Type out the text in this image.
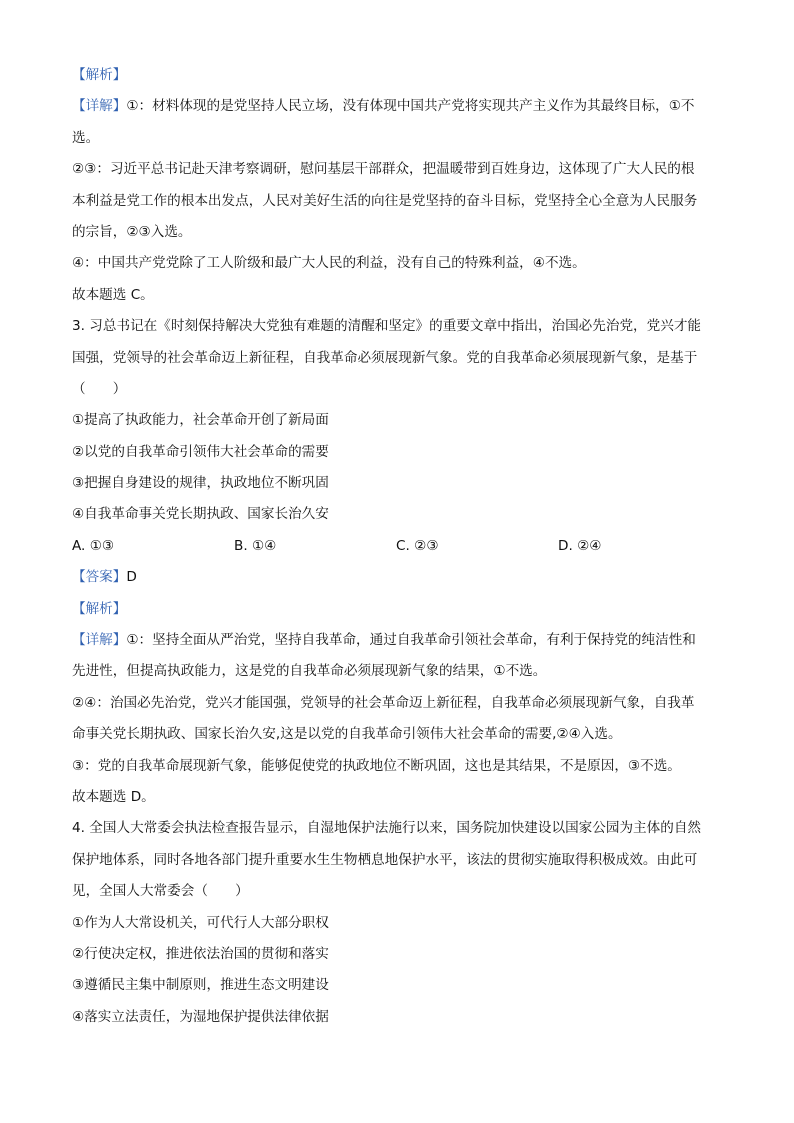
【解析】
【详解】①：材料体现的是党坚持人民立场，没有体现中国共产党将实现共产主义作为其最终目标，①不
选。
②③：习近平总书记赴天津考察调研，慰问基层干部群众，把温暖带到百姓身边，这体现了广大人民的根
本利益是党工作的根本出发点，人民对美好生活的向往是党坚持的奋斗目标，党坚持全心全意为人民服务
的宗旨，②③入选。
④：中国共产党党除了工人阶级和最广大人民的利益，没有自己的特殊利益，④不选。
故本题选 C。
3. 习总书记在《时刻保持解决大党独有难题的清醒和坚定》的重要文章中指出，治国必先治党，党兴才能
国强，党领导的社会革命迈上新征程，自我革命必须展现新气象。党的自我革命必须展现新气象，是基于
（　　）
①提高了执政能力，社会革命开创了新局面
②以党的自我革命引领伟大社会革命的需要
③把握自身建设的规律，执政地位不断巩固
④自我革命事关党长期执政、国家长治久安
A. ①③	B. ①④	C. ②③	D. ②④
【答案】D
【解析】
【详解】①：坚持全面从严治党，坚持自我革命，通过自我革命引领社会革命，有利于保持党的纯洁性和
先进性，但提高执政能力，这是党的自我革命必须展现新气象的结果，①不选。
②④：治国必先治党，党兴才能国强，党领导的社会革命迈上新征程，自我革命必须展现新气象，自我革
命事关党长期执政、国家长治久安,这是以党的自我革命引领伟大社会革命的需要,②④入选。
③：党的自我革命展现新气象，能够促使党的执政地位不断巩固，这也是其结果，不是原因，③不选。
故本题选 D。
4. 全国人大常委会执法检查报告显示，自湿地保护法施行以来，国务院加快建设以国家公园为主体的自然
保护地体系，同时各地各部门提升重要水生生物栖息地保护水平，该法的贯彻实施取得积极成效。由此可
见，全国人大常委会（　　）
①作为人大常设机关，可代行人大部分职权
②行使决定权，推进依法治国的贯彻和落实
③遵循民主集中制原则，推进生态文明建设
④落实立法责任，为湿地保护提供法律依据
